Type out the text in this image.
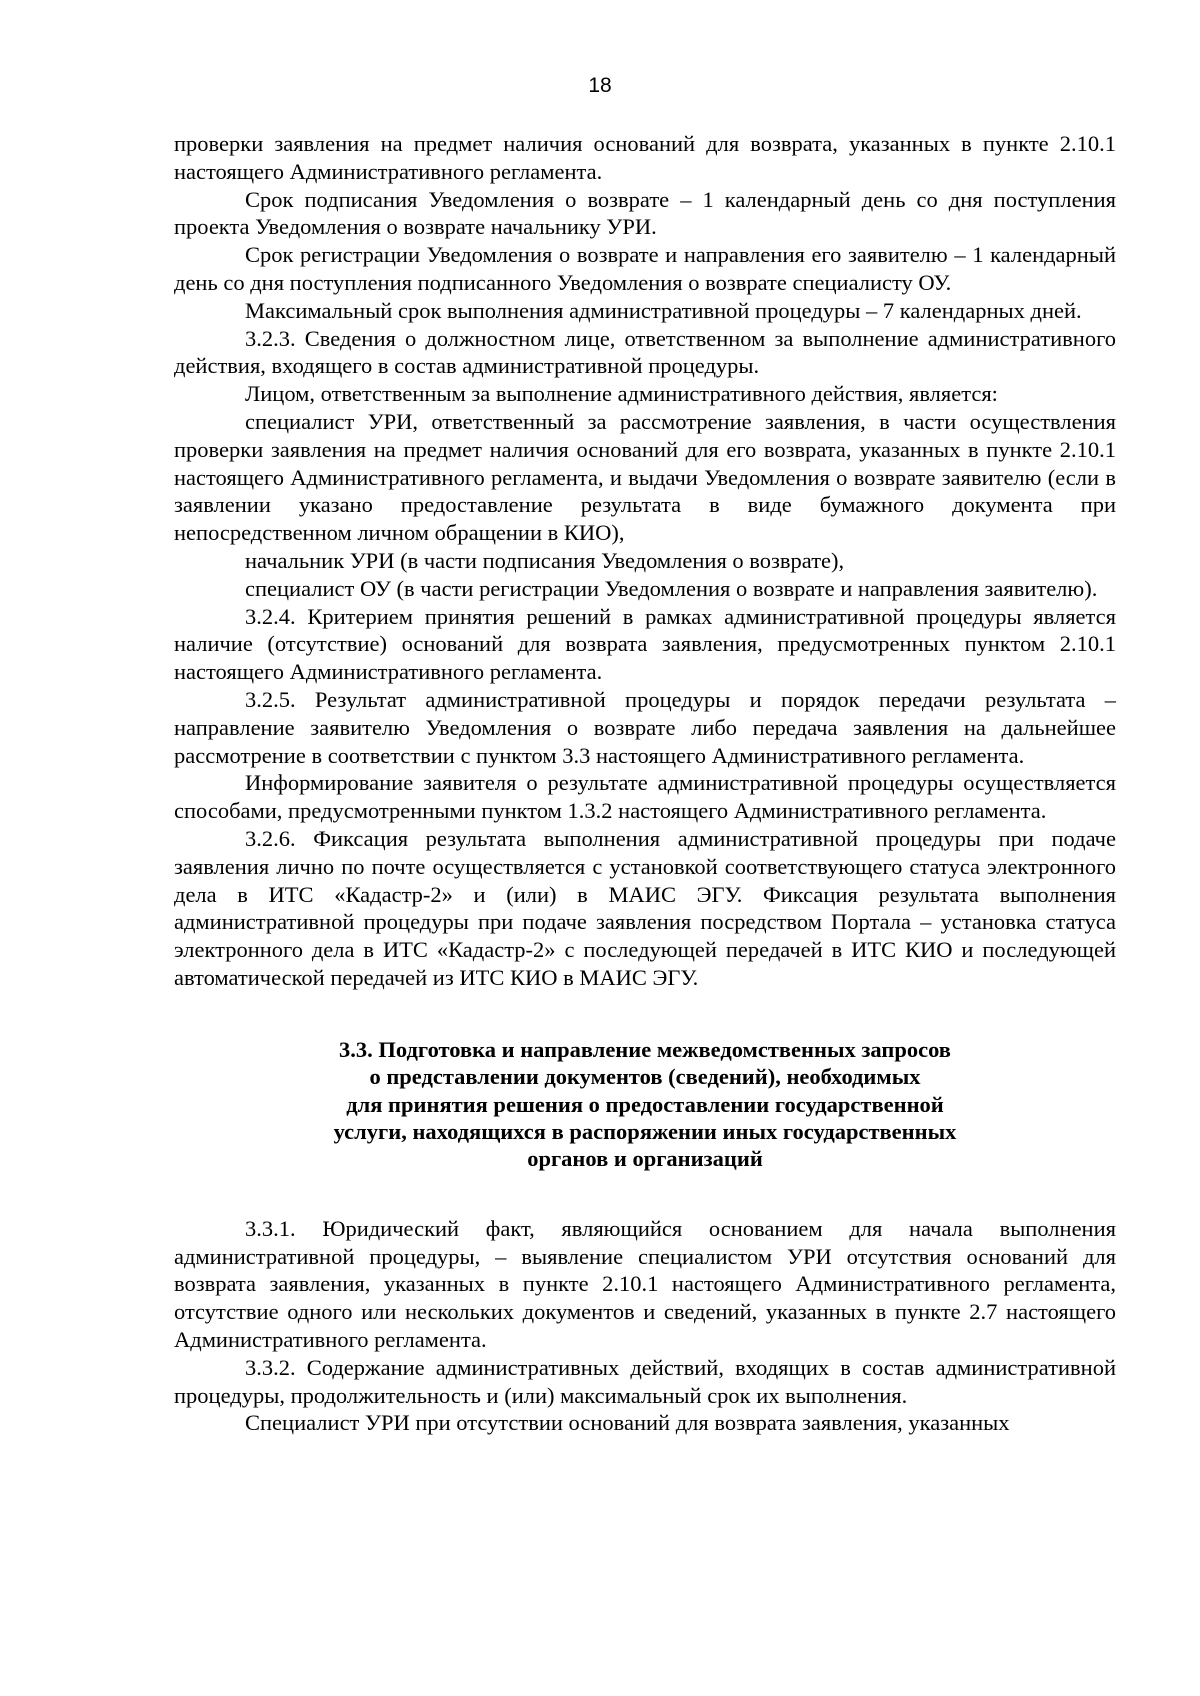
18

проверки заявления на предмет наличия оснований для возврата, указанных в пункте 2.10.1 настоящего Административного регламента.

Срок подписания Уведомления о возврате – 1 календарный день со дня поступления проекта Уведомления о возврате начальнику УРИ.

Срок регистрации Уведомления о возврате и направления его заявителю – 1 календарный день со дня поступления подписанного Уведомления о возврате специалисту ОУ.

Максимальный срок выполнения административной процедуры – 7 календарных дней.

3.2.3. Сведения о должностном лице, ответственном за выполнение административного действия, входящего в состав административной процедуры.

Лицом, ответственным за выполнение административного действия, является:

специалист УРИ, ответственный за рассмотрение заявления, в части осуществления проверки заявления на предмет наличия оснований для его возврата, указанных в пункте 2.10.1 настоящего Административного регламента, и выдачи Уведомления о возврате заявителю (если в заявлении указано предоставление результата в виде бумажного документа при непосредственном личном обращении в КИО),

начальник УРИ (в части подписания Уведомления о возврате),

специалист ОУ (в части регистрации Уведомления о возврате и направления заявителю).

3.2.4. Критерием принятия решений в рамках административной процедуры является наличие (отсутствие) оснований для возврата заявления, предусмотренных пунктом 2.10.1 настоящего Административного регламента.

3.2.5. Результат административной процедуры и порядок передачи результата – направление заявителю Уведомления о возврате либо передача заявления на дальнейшее рассмотрение в соответствии с пунктом 3.3 настоящего Административного регламента.

Информирование заявителя о результате административной процедуры осуществляется способами, предусмотренными пунктом 1.3.2 настоящего Административного регламента.

3.2.6. Фиксация результата выполнения административной процедуры при подаче заявления лично по почте осуществляется с установкой соответствующего статуса электронного дела в ИТС «Кадастр-2» и (или) в МАИС ЭГУ. Фиксация результата выполнения административной процедуры при подаче заявления посредством Портала – установка статуса электронного дела в ИТС «Кадастр-2» с последующей передачей в ИТС КИО и последующей автоматической передачей из ИТС КИО в МАИС ЭГУ.

3.3. Подготовка и направление межведомственных запросов
о представлении документов (сведений), необходимых
для принятия решения о предоставлении государственной
услуги, находящихся в распоряжении иных государственных
органов и организаций

3.3.1. Юридический факт, являющийся основанием для начала выполнения административной процедуры, – выявление специалистом УРИ отсутствия оснований для возврата заявления, указанных в пункте 2.10.1 настоящего Административного регламента, отсутствие одного или нескольких документов и сведений, указанных в пункте 2.7 настоящего Административного регламента.

3.3.2. Содержание административных действий, входящих в состав административной процедуры, продолжительность и (или) максимальный срок их выполнения.

Специалист УРИ при отсутствии оснований для возврата заявления, указанных
